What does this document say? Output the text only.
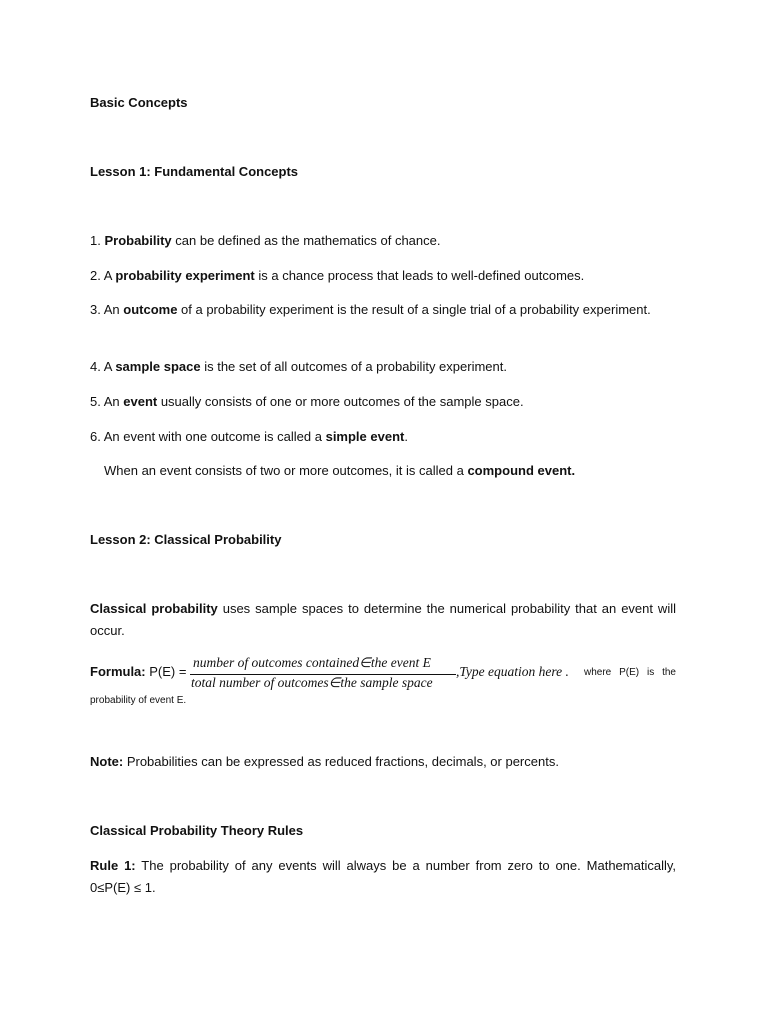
Basic Concepts

Lesson 1: Fundamental Concepts

1. Probability can be defined as the mathematics of chance.

2. A probability experiment is a chance process that leads to well-defined outcomes.

3. An outcome of a probability experiment is the result of a single trial of a probability experiment.

4. A sample space is the set of all outcomes of a probability experiment.

5. An event usually consists of one or more outcomes of the sample space.

6. An event with one outcome is called a simple event.

When an event consists of two or more outcomes, it is called a compound event.

Lesson 2: Classical Probability

Classical probability uses sample spaces to determine the numerical probability that an event will occur.

Formula: P(E) =
number of outcomes contained∈the event E
total number of outcomes∈the sample space
,Type equation here . where P(E) is the

probability of event E.

Note: Probabilities can be expressed as reduced fractions, decimals, or percents.

Classical Probability Theory Rules

Rule 1: The probability of any events will always be a number from zero to one. Mathematically, 0≤P(E) ≤ 1.
